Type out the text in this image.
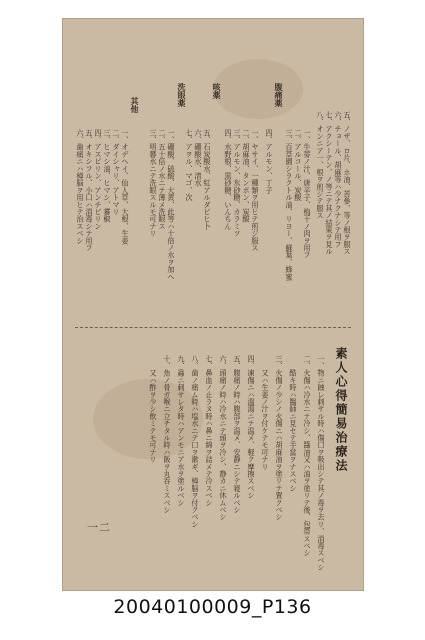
腹痛薬
咳薬
洗眼薬
其他
五、ノザ、ロ片、ホ油、苦參、等ノ根ヲ服ス
六、チョール、胡麻等ハ少ナクナシテ用フ
七、アクシーテン、ノ等ニテ其ノ結果ヲ見ル
八、オンニア一、根ヲ煎ジテ服ス
一、牛蒡ノ汁、唐辛子、梅干ノ肉ヲ用フ
二、アルコール、炭酸
三、百草園シラクトル油、リヨー、蘇葉、蜂蜜
四、アルモン、丁子
一、ヤサイ、一種類ヲ用ヒテ煎ジ服ス
二、胡麻油、タンポン、炭酸
三、アルモン、氷砂糖、カラミツ
四、水野根、黒砂糖、いんちん
五、石炭酸水、紅アルダビヒ卜
六、硼酸水、清水
七、アヲル、マゴ、次
一、硼酸、硫酸、大黄、此等ハ十倍ノ水ヲ加ヘ
二、五十倍ノ水ニテ薄メ洗眼ス
三、明礬水ニテ洗眼スルモ可ナリ
一、オデヘイ、仙人草、大根、生姜
二、ダイシャリ、アトマリ
三、ヒマシ油、ヒマシ、蕃椒
四、アスピリン、アンチピリン
五、オキシフル、小口ハ消毒シテ用フ
六、歯痛ニハ樟脳ヲ用ヒテ治スベシ
素人心得簡易治療法
一、物ニ蝕レ刺サル時ハ傷口ヲ吸出シテ其ノ毒ヲ去リ、消毒スベシ
二、火傷ハ冷水ニテ冷シ、醬油又ハ油ヲ塗リテ後、包帯スベシ
　　酷キ時ハ醫師ニ見セテ手當ヲナスベシ
三、火傷ノ少シノ火傷ニハ胡麻油ヲ塗リテ置クベシ
　　又ハ生姜ノ汁ヲ付ケテモ可ナリ
四、凍傷ニハ溫湯ニテ温メ、軽ク摩擦スベシ
五、腹痛ノ時ハ腹部ヲ温メ、安静ニシテ寝ルベシ
六、頭痛ノ時ハ冷水ニテ頭ヲ冷シ、静カニ休ムベシ
七、鼻血ノ止ラヌ時ハ鼻ニ綿ヲ詰メテ冷スベシ
八、歯ノ痛ム時ハ塩水ニテ口ヲ漱ギ、樟脳ヲ付クベシ
九、蟲ニ刺サレタ時ハアンモニア水ヲ塗ルベシ
十、魚ノ骨ガ喉ニ立チタル時ハ飯ヲ丸呑ミスベシ
　　又ハ酢ヲ少シ飲ミテモ可ナリ
一二
20040100009_P136
